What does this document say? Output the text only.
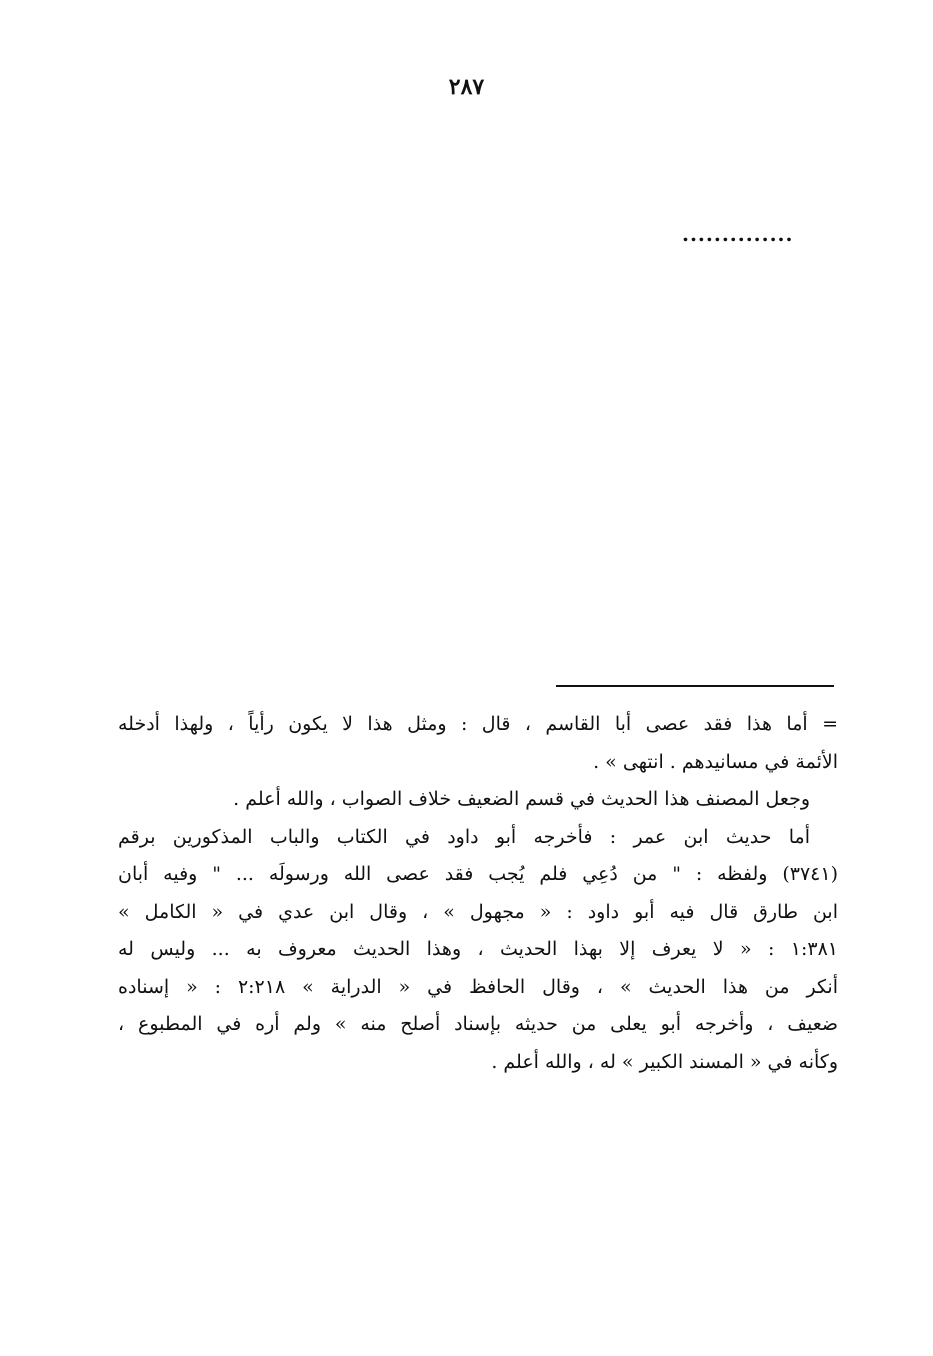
٢٨٧
..............
= أما هذا فقد عصى أبا القاسم ، قال : ومثل هذا لا يكون رأياً ، ولهذا أدخله
الأئمة في مسانيدهم . انتهى » .
وجعل المصنف هذا الحديث في قسم الضعيف خلاف الصواب ، والله أعلم .
أما حديث ابن عمر : فأخرجه أبو داود في الكتاب والباب المذكورين برقم
(٣٧٤١) ولفظه : " من دُعِي فلم يُجب فقد عصى الله ورسولَه ... " وفيه أبان
ابن طارق قال فيه أبو داود : « مجهول » ، وقال ابن عدي في « الكامل »
١:٣٨١ : « لا يعرف إلا بهذا الحديث ، وهذا الحديث معروف به ... وليس له
أنكر من هذا الحديث » ، وقال الحافظ في « الدراية » ٢:٢١٨ : « إسناده
ضعيف ، وأخرجه أبو يعلى من حديثه بإسناد أصلح منه » ولم أره في المطبوع ،
وكأنه في « المسند الكبير » له ، والله أعلم .
